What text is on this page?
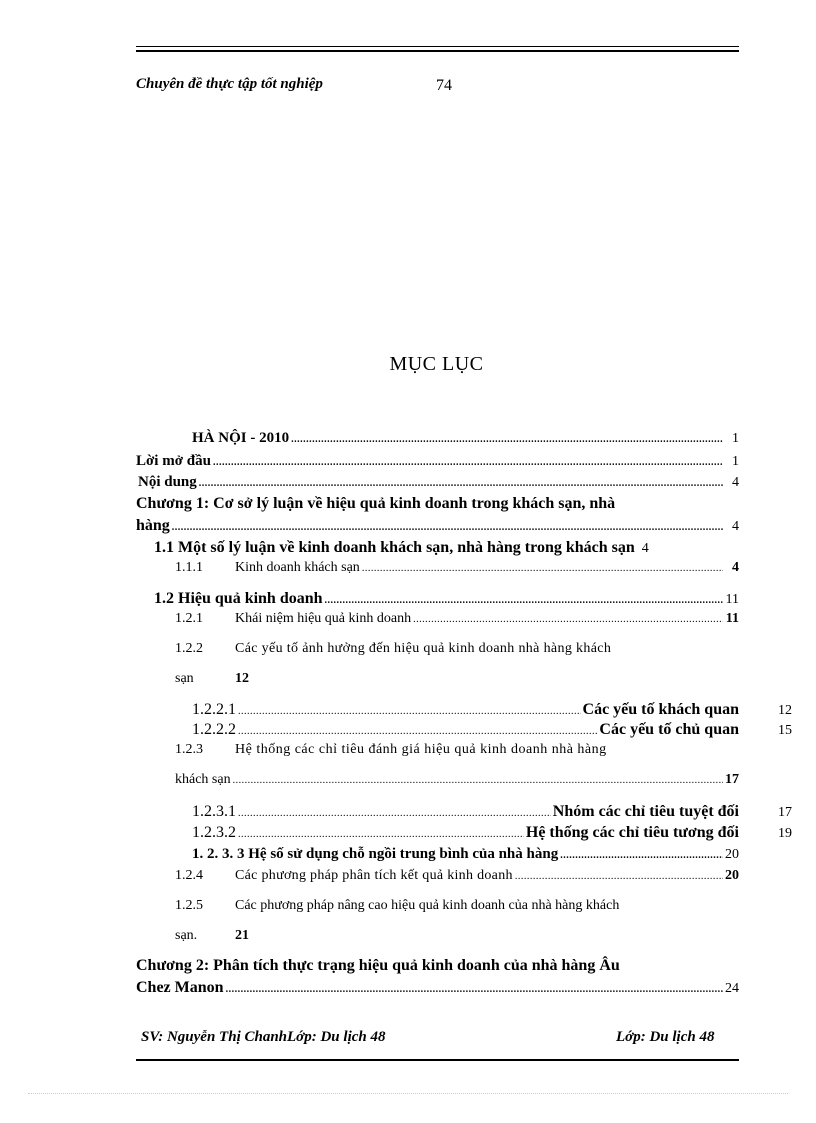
Chuyên đề thực tập tốt nghiệp	74
MỤC LỤC
HÀ NỘI - 2010 .....	1
Lời mở đầu .....	1
Nội dung .....	4
Chương 1: Cơ sở lý luận về hiệu quả kinh doanh trong khách sạn, nhà
hàng .....	4
1.1 Một số lý luận về kinh doanh khách sạn, nhà hàng trong khách sạn 4
1.1.1	Kinh doanh khách sạn .....	4
1.2 Hiệu quả kinh doanh .....	11
1.2.1	Khái niệm hiệu quả kinh doanh .....	11
1.2.2	Các yếu tố ảnh hưởng đến hiệu quả kinh doanh nhà hàng khách
sạn	12
1.2.2.1 .....	Các yếu tố khách quan	12
1.2.2.2 .....	Các yếu tố chủ quan	15
1.2.3	Hệ thống các chỉ tiêu đánh giá hiệu quả kinh doanh nhà hàng
khách sạn .....	17
1.2.3.1 .....	Nhóm các chỉ tiêu tuyệt đối	17
1.2.3.2 .....	Hệ thống các chỉ tiêu tương đối	19
1. 2. 3. 3 Hệ số sử dụng chỗ ngồi trung bình của nhà hàng .....	20
1.2.4	Các phương pháp phân tích kết quả kinh doanh .....	20
1.2.5	Các phương pháp nâng cao hiệu quả kinh doanh của nhà hàng khách
sạn.	21
Chương 2: Phân tích thực trạng hiệu quả kinh doanh của nhà hàng Âu
Chez Manon .....	24
SV: Nguyễn Thị ChanhLớp: Du lịch 48	Lớp: Du lịch 48
